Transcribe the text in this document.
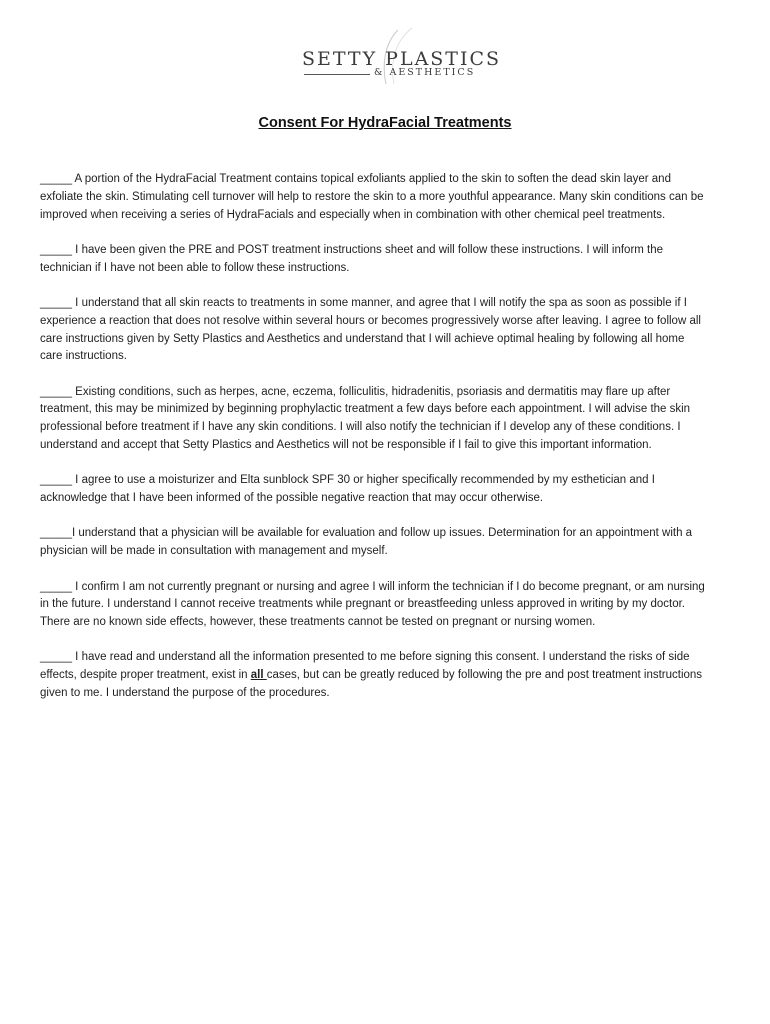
SETTY PLASTICS
& AESTHETICS
Consent For HydraFacial Treatments

_____ A portion of the HydraFacial Treatment contains topical exfoliants applied to the skin to soften the dead skin layer and exfoliate the skin. Stimulating cell turnover will help to restore the skin to a more youthful appearance. Many skin conditions can be improved when receiving a series of HydraFacials and especially when in combination with other chemical peel treatments.

_____ I have been given the PRE and POST treatment instructions sheet and will follow these instructions. I will inform the technician if I have not been able to follow these instructions.

_____ I understand that all skin reacts to treatments in some manner, and agree that I will notify the spa as soon as possible if I experience a reaction that does not resolve within several hours or becomes progressively worse after leaving. I agree to follow all care instructions given by Setty Plastics and Aesthetics and understand that I will achieve optimal healing by following all home care instructions.

_____ Existing conditions, such as herpes, acne, eczema, folliculitis, hidradenitis, psoriasis and dermatitis may flare up after treatment, this may be minimized by beginning prophylactic treatment a few days before each appointment. I will advise the skin professional before treatment if I have any skin conditions. I will also notify the technician if I develop any of these conditions. I understand and accept that Setty Plastics and Aesthetics will not be responsible if I fail to give this important information.

_____ I agree to use a moisturizer and Elta sunblock SPF 30 or higher specifically recommended by my esthetician and I acknowledge that I have been informed of the possible negative reaction that may occur otherwise.

_____I understand that a physician will be available for evaluation and follow up issues. Determination for an appointment with a physician will be made in consultation with management and myself.

_____ I confirm I am not currently pregnant or nursing and agree I will inform the technician if I do become pregnant, or am nursing in the future. I understand I cannot receive treatments while pregnant or breastfeeding unless approved in writing by my doctor. There are no known side effects, however, these treatments cannot be tested on pregnant or nursing women.

_____ I have read and understand all the information presented to me before signing this consent. I understand the risks of side effects, despite proper treatment, exist in all cases, but can be greatly reduced by following the pre and post treatment instructions given to me. I understand the purpose of the procedures.
